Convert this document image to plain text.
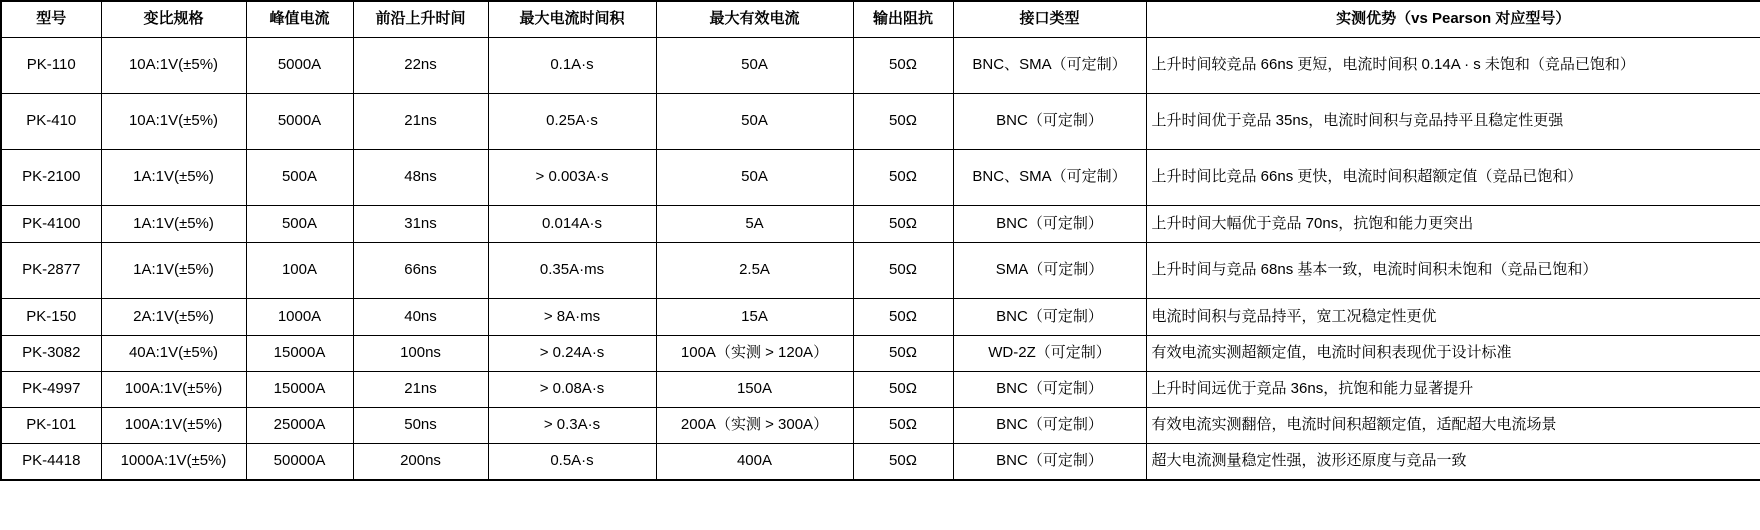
型号	变比规格	峰值电流	前沿上升时间	最大电流时间积	最大有效电流	输出阻抗	接口类型	实测优势（vs Pearson 对应型号）
PK-110	10A:1V(±5%)	5000A	22ns	0.1A·s	50A	50Ω	BNC、SMA（可定制）	上升时间较竞品 66ns 更短，电流时间积 0.14A · s 未饱和（竞品已饱和）
PK-410	10A:1V(±5%)	5000A	21ns	0.25A·s	50A	50Ω	BNC（可定制）	上升时间优于竞品 35ns，电流时间积与竞品持平且稳定性更强
PK-2100	1A:1V(±5%)	500A	48ns	> 0.003A·s	50A	50Ω	BNC、SMA（可定制）	上升时间比竞品 66ns 更快，电流时间积超额定值（竞品已饱和）
PK-4100	1A:1V(±5%)	500A	31ns	0.014A·s	5A	50Ω	BNC（可定制）	上升时间大幅优于竞品 70ns，抗饱和能力更突出
PK-2877	1A:1V(±5%)	100A	66ns	0.35A·ms	2.5A	50Ω	SMA（可定制）	上升时间与竞品 68ns 基本一致，电流时间积未饱和（竞品已饱和）
PK-150	2A:1V(±5%)	1000A	40ns	> 8A·ms	15A	50Ω	BNC（可定制）	电流时间积与竞品持平，宽工况稳定性更优
PK-3082	40A:1V(±5%)	15000A	100ns	> 0.24A·s	100A（实测 > 120A）	50Ω	WD-2Z（可定制）	有效电流实测超额定值，电流时间积表现优于设计标准
PK-4997	100A:1V(±5%)	15000A	21ns	> 0.08A·s	150A	50Ω	BNC（可定制）	上升时间远优于竞品 36ns，抗饱和能力显著提升
PK-101	100A:1V(±5%)	25000A	50ns	> 0.3A·s	200A（实测 > 300A）	50Ω	BNC（可定制）	有效电流实测翻倍，电流时间积超额定值，适配超大电流场景
PK-4418	1000A:1V(±5%)	50000A	200ns	0.5A·s	400A	50Ω	BNC（可定制）	超大电流测量稳定性强，波形还原度与竞品一致
